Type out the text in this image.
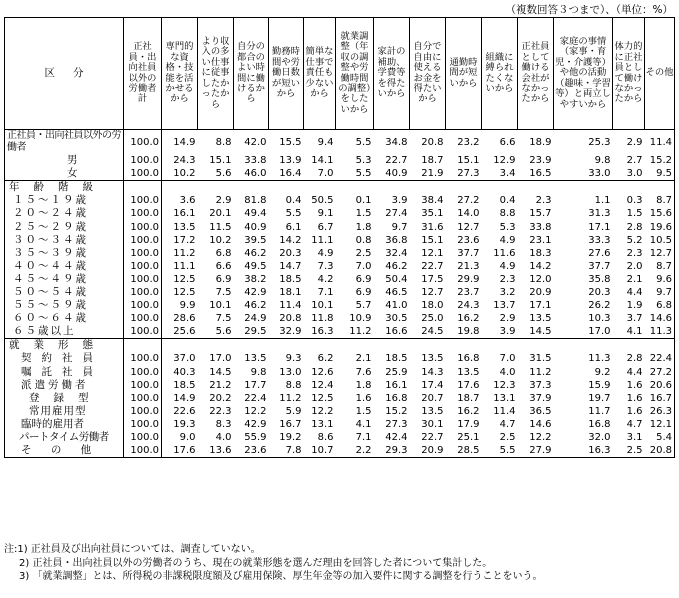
（複数回答３つまで）、（単位：%）
区分	正社員・出向社員以外の労働者計	専門的な資格・技能を活かせるから	より収入の多い仕事に従事したかったから	自分の都合のよい時間に働けるから	勤務時間や労働日数が短いから	簡単な仕事で責任も少ないから	就業調整（年収の調整や労働時間の調整）をしたいから	家計の補助、学費等を得たいから	自分で自由に使えるお金を得たいから	通勤時間が短いから	組織に縛られたくないから	正社員として働ける会社がなかったから	家庭の事情（家事・育児・介護等）や他の活動（趣味・学習等）と両立しやすいから	体力的に正社員として働けなかったから	その他
正社員・出向社員以外の労働者	100.0	14.9	8.8	42.0	15.5	9.4	5.5	34.8	20.8	23.2	6.6	18.9	25.3	2.9	11.4
男	100.0	24.3	15.1	33.8	13.9	14.1	5.3	22.7	18.7	15.1	12.9	23.9	9.8	2.7	15.2
女	100.0	10.2	5.6	46.0	16.4	7.0	5.5	40.9	21.9	27.3	3.4	16.5	33.0	3.0	9.5
年齢階級															
１５～１９歳	100.0	3.6	2.9	81.8	0.4	50.5	0.1	3.9	38.4	27.2	0.4	2.3	1.1	0.3	8.7
２０～２４歳	100.0	16.1	20.1	49.4	5.5	9.1	1.5	27.4	35.1	14.0	8.8	15.7	31.3	1.5	15.6
２５～２９歳	100.0	13.5	11.5	40.9	6.1	6.7	1.8	9.7	31.6	12.7	5.3	33.8	17.1	2.8	19.6
３０～３４歳	100.0	17.2	10.2	39.5	14.2	11.1	0.8	36.8	15.1	23.6	4.9	23.1	33.3	5.2	10.5
３５～３９歳	100.0	11.2	6.8	46.2	20.3	4.9	2.5	32.4	12.1	37.7	11.6	18.3	27.6	2.3	12.7
４０～４４歳	100.0	11.1	6.6	49.5	14.7	7.3	7.0	46.2	22.7	21.3	4.9	14.2	37.7	2.0	8.7
４５～４９歳	100.0	12.5	6.9	38.2	18.5	4.2	6.9	50.4	17.5	29.9	2.3	12.0	35.8	2.1	9.6
５０～５４歳	100.0	12.5	7.5	42.9	18.1	7.1	6.9	46.5	12.7	23.7	3.2	20.9	20.3	4.4	9.7
５５～５９歳	100.0	9.9	10.1	46.2	11.4	10.1	5.7	41.0	18.0	24.3	13.7	17.1	26.2	1.9	6.8
６０～６４歳	100.0	28.6	7.5	24.9	20.8	11.8	10.9	30.5	25.0	16.2	2.9	13.5	10.3	3.7	14.6
６５歳以上	100.0	25.6	5.6	29.5	32.9	16.3	11.2	16.6	24.5	19.8	3.9	14.5	17.0	4.1	11.3
就業形態															
契約社員	100.0	37.0	17.0	13.5	9.3	6.2	2.1	18.5	13.5	16.8	7.0	31.5	11.3	2.8	22.4
嘱託社員	100.0	40.3	14.5	9.8	13.0	12.6	7.6	25.9	14.3	13.5	4.0	11.2	9.2	4.4	27.2
派遣労働者	100.0	18.5	21.2	17.7	8.8	12.4	1.8	16.1	17.4	17.6	12.3	37.3	15.9	1.6	20.6
登録型	100.0	14.9	20.2	22.4	11.2	12.5	1.6	16.8	20.7	18.7	13.1	37.9	19.7	1.6	16.7
常用雇用型	100.0	22.6	22.3	12.2	5.9	12.2	1.5	15.2	13.5	16.2	11.4	36.5	11.7	1.6	26.3
臨時的雇用者	100.0	19.3	8.3	42.9	16.7	13.1	4.1	27.3	30.1	17.9	4.7	14.6	16.8	4.7	12.1
パートタイム労働者	100.0	9.0	4.0	55.9	19.2	8.6	7.1	42.4	22.7	25.1	2.5	12.2	32.0	3.1	5.4
そ の 他	100.0	17.6	13.6	23.6	7.8	10.7	2.2	29.3	20.9	28.5	5.5	27.9	16.3	2.5	20.8
注:1) 正社員及び出向社員については、調査していない。
2) 正社員・出向社員以外の労働者のうち、現在の就業形態を選んだ理由を回答した者について集計した。
3) 「就業調整」とは、所得税の非課税限度額及び雇用保険、厚生年金等の加入要件に関する調整を行うことをいう。
